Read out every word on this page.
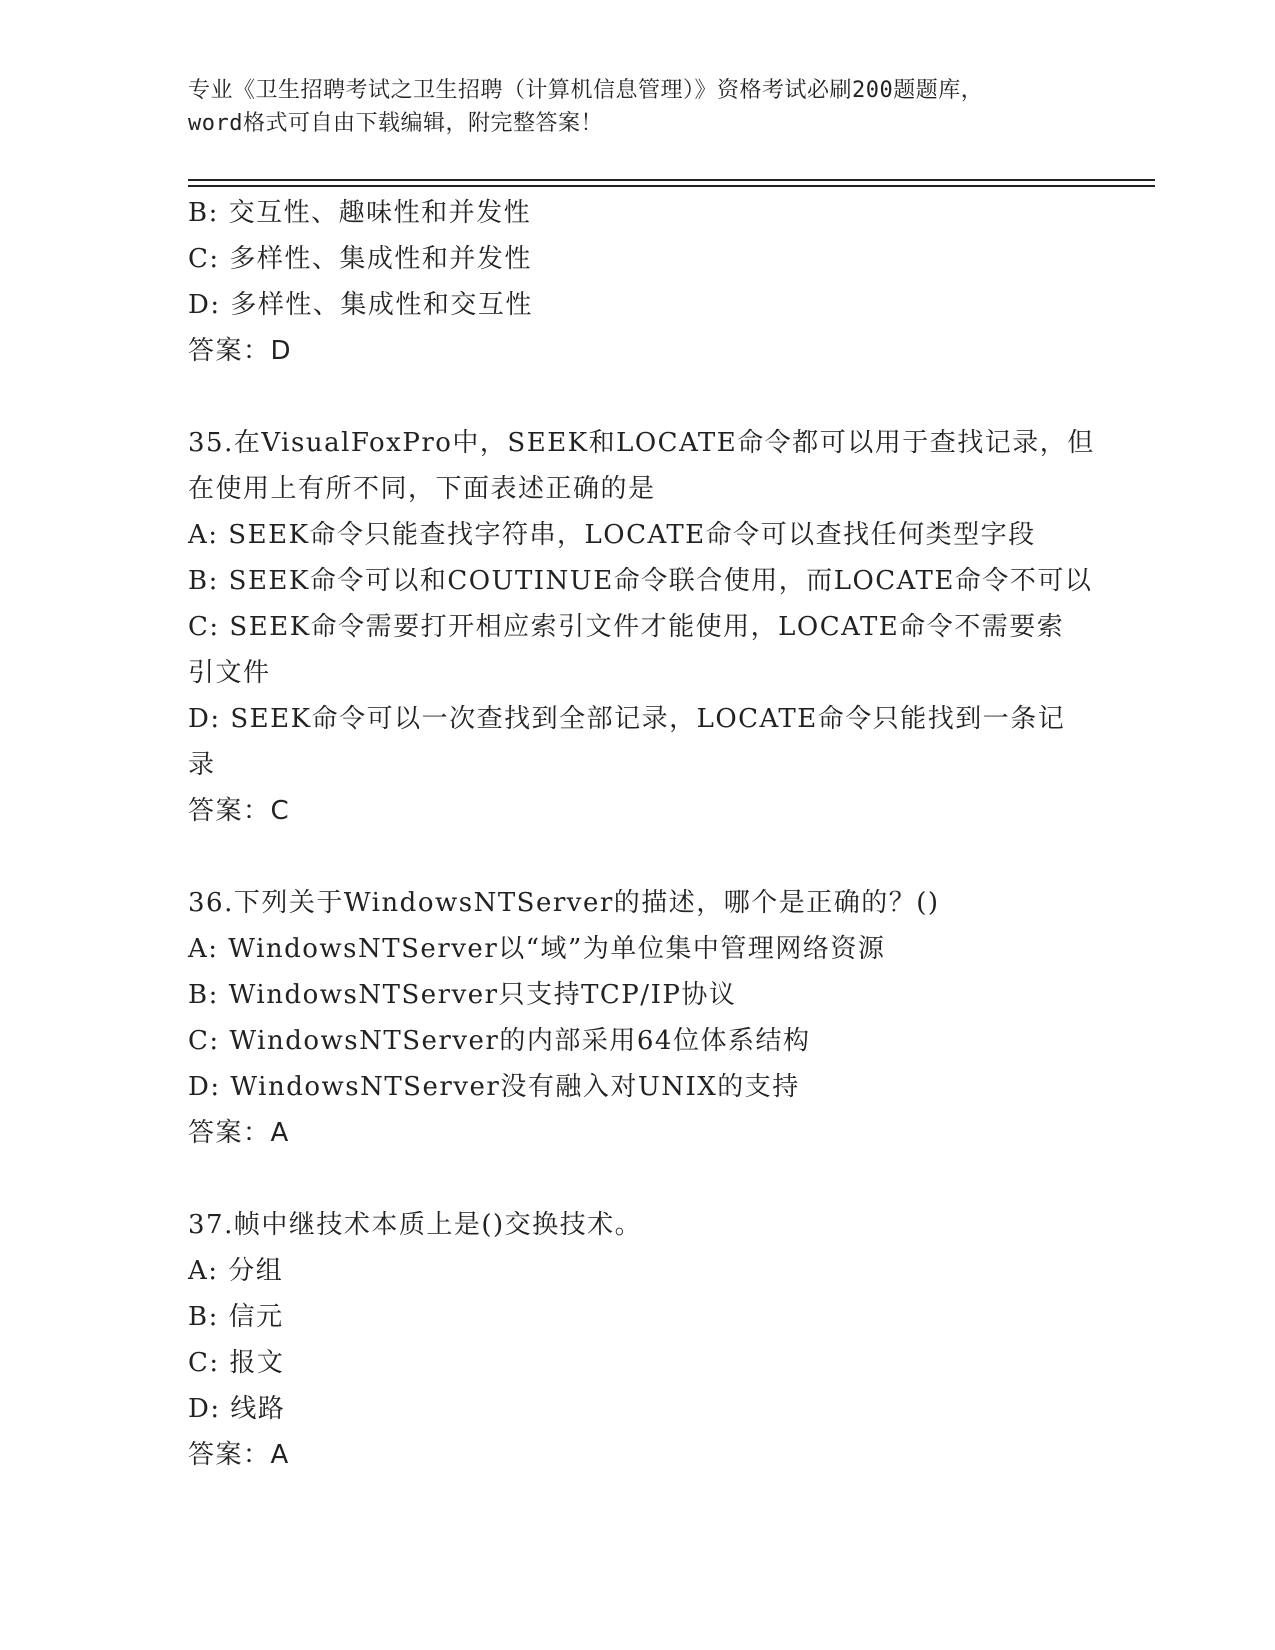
专业《卫生招聘考试之卫生招聘（计算机信息管理）》资格考试必刷200题题库，
word格式可自由下载编辑，附完整答案！
B: 交互性、趣味性和并发性
C: 多样性、集成性和并发性
D: 多样性、集成性和交互性
答案：D
35.在VisualFoxPro中，SEEK和LOCATE命令都可以用于查找记录，但
在使用上有所不同，下面表述正确的是
A: SEEK命令只能查找字符串，LOCATE命令可以查找任何类型字段
B: SEEK命令可以和COUTINUE命令联合使用，而LOCATE命令不可以
C: SEEK命令需要打开相应索引文件才能使用，LOCATE命令不需要索
引文件
D: SEEK命令可以一次查找到全部记录，LOCATE命令只能找到一条记
录
答案：C
36.下列关于WindowsNTServer的描述，哪个是正确的？()
A: WindowsNTServer以“域”为单位集中管理网络资源
B: WindowsNTServer只支持TCP/IP协议
C: WindowsNTServer的内部采用64位体系结构
D: WindowsNTServer没有融入对UNIX的支持
答案：A
37.帧中继技术本质上是()交换技术。
A: 分组
B: 信元
C: 报文
D: 线路
答案：A
